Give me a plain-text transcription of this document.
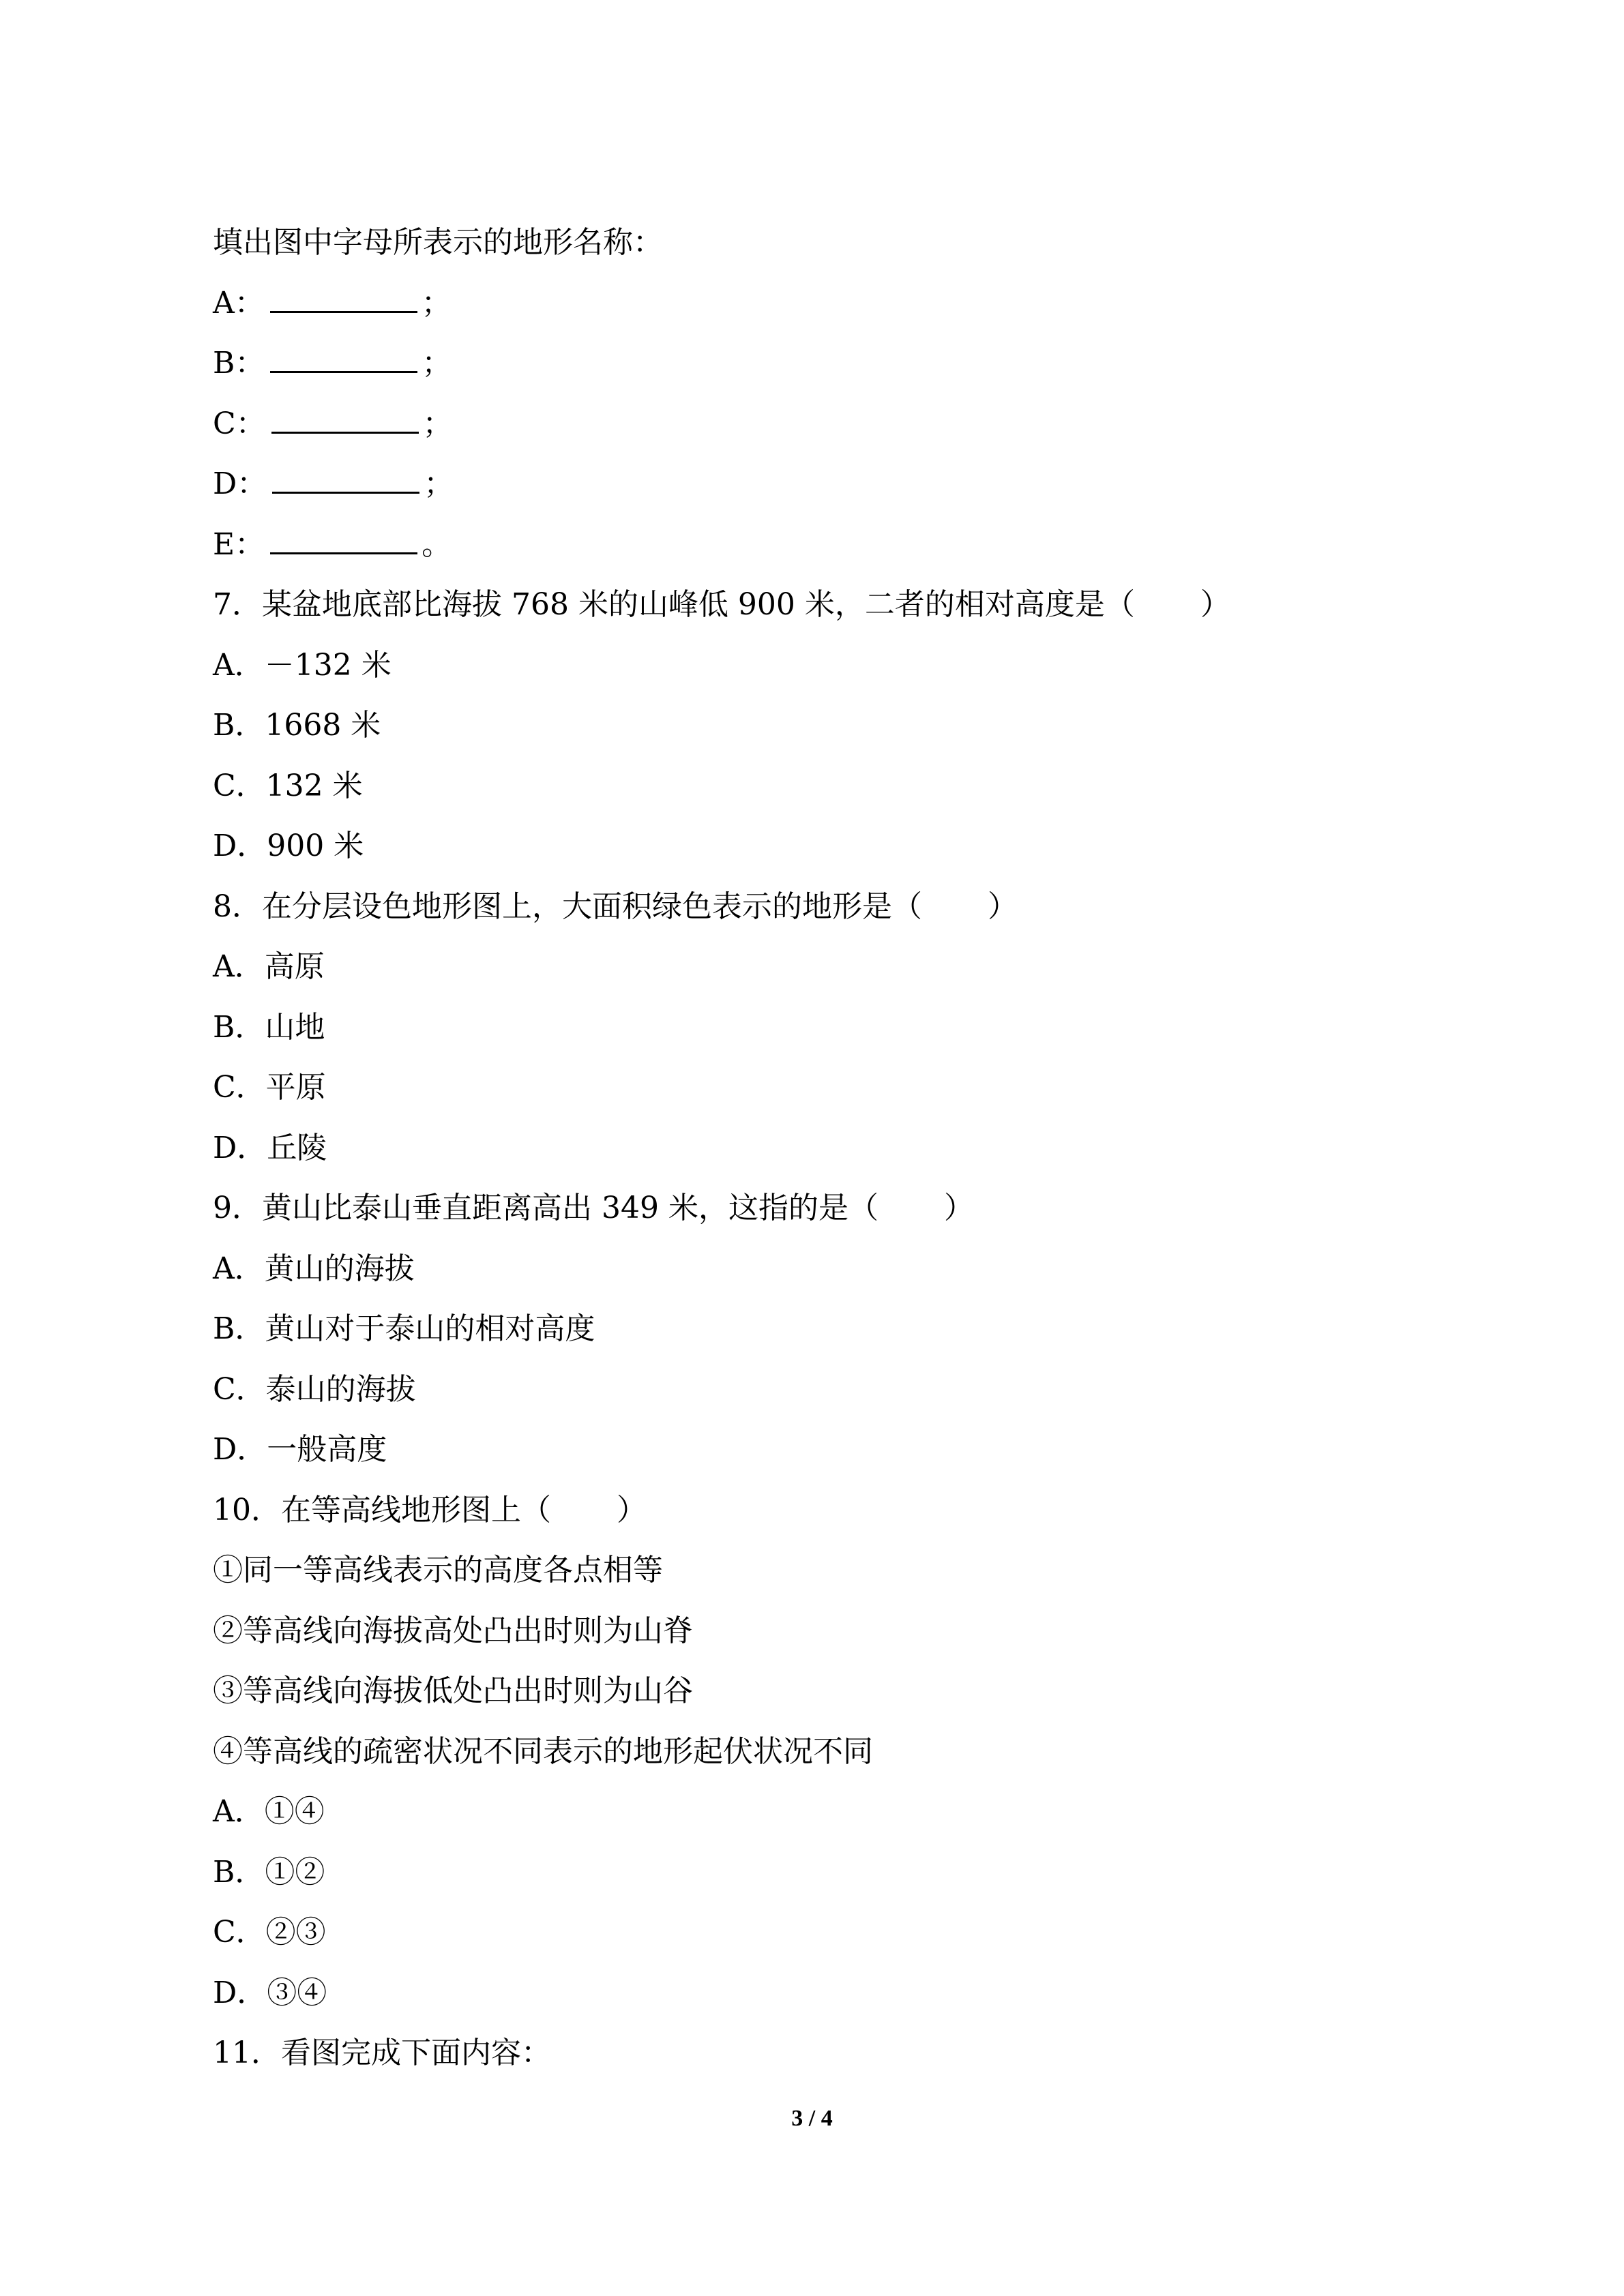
填出图中字母所表示的地形名称：
A：	；
B：	；
C：	；
D：	；
E：	。
7．某盆地底部比海拔 768 米的山峰低 900 米，二者的相对高度是（ ）
A．－132 米
B．1668 米
C．132 米
D．900 米
8．在分层设色地形图上，大面积绿色表示的地形是（ ）
A．高原
B．山地
C．平原
D．丘陵
9．黄山比泰山垂直距离高出 349 米，这指的是（ ）
A．黄山的海拔
B．黄山对于泰山的相对高度
C．泰山的海拔
D．一般高度
10．在等高线地形图上（ ）
①同一等高线表示的高度各点相等
②等高线向海拔高处凸出时则为山脊
③等高线向海拔低处凸出时则为山谷
④等高线的疏密状况不同表示的地形起伏状况不同
A．①④
B．①②
C．②③
D．③④
11．看图完成下面内容：
3 / 4
